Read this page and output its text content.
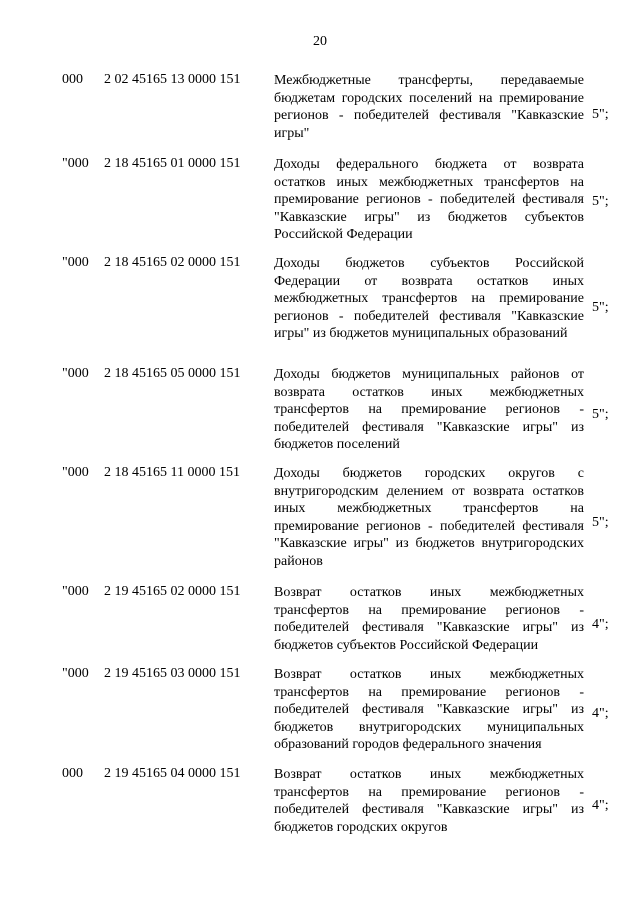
20
000 2 02 45165 13 0000 151 Межбюджетные трансферты, передаваемые бюджетам городских поселений на премирование регионов - победителей фестиваля "Кавказские игры"
5";
"000 2 18 45165 01 0000 151 Доходы федерального бюджета от возврата остатков иных межбюджетных трансфертов на премирование регионов - победителей фестиваля "Кавказские игры" из бюджетов субъектов Российской Федерации
5";
"000 2 18 45165 02 0000 151 Доходы бюджетов субъектов Российской Федерации от возврата остатков иных межбюджетных трансфертов на премирование регионов - победителей фестиваля "Кавказские игры" из бюджетов муниципальных образований
5";
"000 2 18 45165 05 0000 151 Доходы бюджетов муниципальных районов от возврата остатков иных межбюджетных трансфертов на премирование регионов - победителей фестиваля "Кавказские игры" из бюджетов поселений
5";
"000 2 18 45165 11 0000 151 Доходы бюджетов городских округов с внутригородским делением от возврата остатков иных межбюджетных трансфертов на премирование регионов - победителей фестиваля "Кавказские игры" из бюджетов внутригородских районов
5";
"000 2 19 45165 02 0000 151 Возврат остатков иных межбюджетных трансфертов на премирование регионов - победителей фестиваля "Кавказские игры" из бюджетов субъектов Российской Федерации
4";
"000 2 19 45165 03 0000 151 Возврат остатков иных межбюджетных трансфертов на премирование регионов - победителей фестиваля "Кавказские игры" из бюджетов внутригородских муниципальных образований городов федерального значения
4";
000 2 19 45165 04 0000 151 Возврат остатков иных межбюджетных трансфертов на премирование регионов - победителей фестиваля "Кавказские игры" из бюджетов городских округов
4";
